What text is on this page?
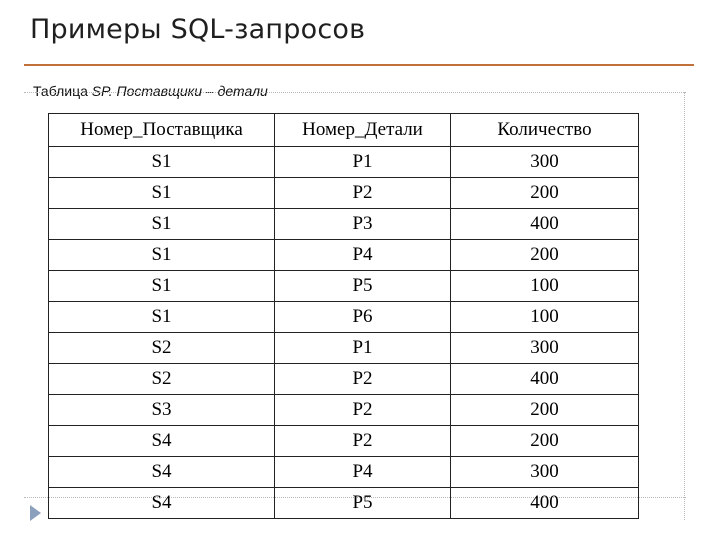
Примеры SQL-запросов
Таблица SP. Поставщики – детали
Номер_Поставщика	Номер_Детали	Количество
S1	P1	300
S1	P2	200
S1	P3	400
S1	P4	200
S1	P5	100
S1	P6	100
S2	P1	300
S2	P2	400
S3	P2	200
S4	P2	200
S4	P4	300
S4	P5	400
